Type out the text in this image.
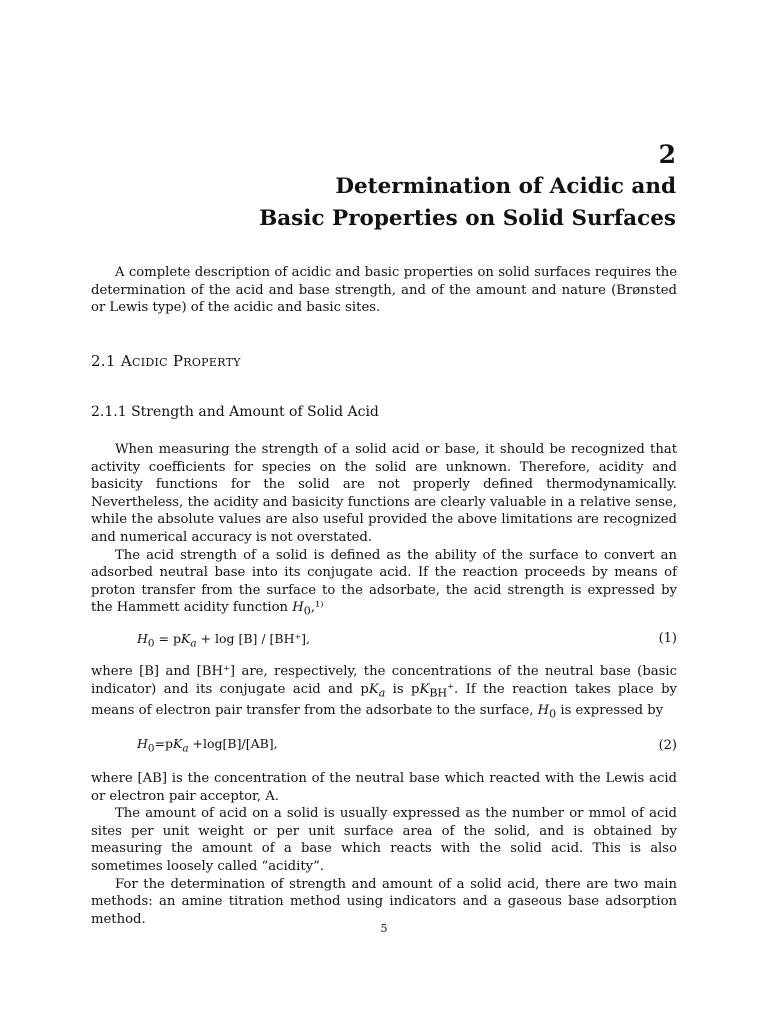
2
Determination of Acidic and
Basic Properties on Solid Surfaces

A complete description of acidic and basic properties on solid surfaces requires the determination of the acid and base strength, and of the amount and nature (Brønsted or Lewis type) of the acidic and basic sites.

2.1 Acidic Property
2.1.1 Strength and Amount of Solid Acid

When measuring the strength of a solid acid or base, it should be recognized that activity coefficients for species on the solid are unknown. Therefore, acidity and basicity functions for the solid are not properly defined thermodynamically. Nevertheless, the acidity and basicity functions are clearly valuable in a relative sense, while the absolute values are also useful provided the above limitations are recognized and numerical accuracy is not overstated.

The acid strength of a solid is defined as the ability of the surface to convert an adsorbed neutral base into its conjugate acid. If the reaction proceeds by means of proton transfer from the surface to the adsorbate, the acid strength is expressed by the Hammett acidity function $H_0,^{1)}$

$H_0 = pK_a + \log [B] / [BH^+]$,	(1)

where [B] and [BH⁺] are, respectively, the concentrations of the neutral base (basic indicator) and its conjugate acid and $pK_a$ is $pK_{BH}^+$. If the reaction takes place by means of electron pair transfer from the adsorbate to the surface, $H_0$ is expressed by

$H_0=pK_a +\log[B]/[AB]$,	(2)

where [AB] is the concentration of the neutral base which reacted with the Lewis acid or electron pair acceptor, A.

The amount of acid on a solid is usually expressed as the number or mmol of acid sites per unit weight or per unit surface area of the solid, and is obtained by measuring the amount of a base which reacts with the solid acid. This is also sometimes loosely called “acidity”.

For the determination of strength and amount of a solid acid, there are two main methods: an amine titration method using indicators and a gaseous base adsorption method.

5
